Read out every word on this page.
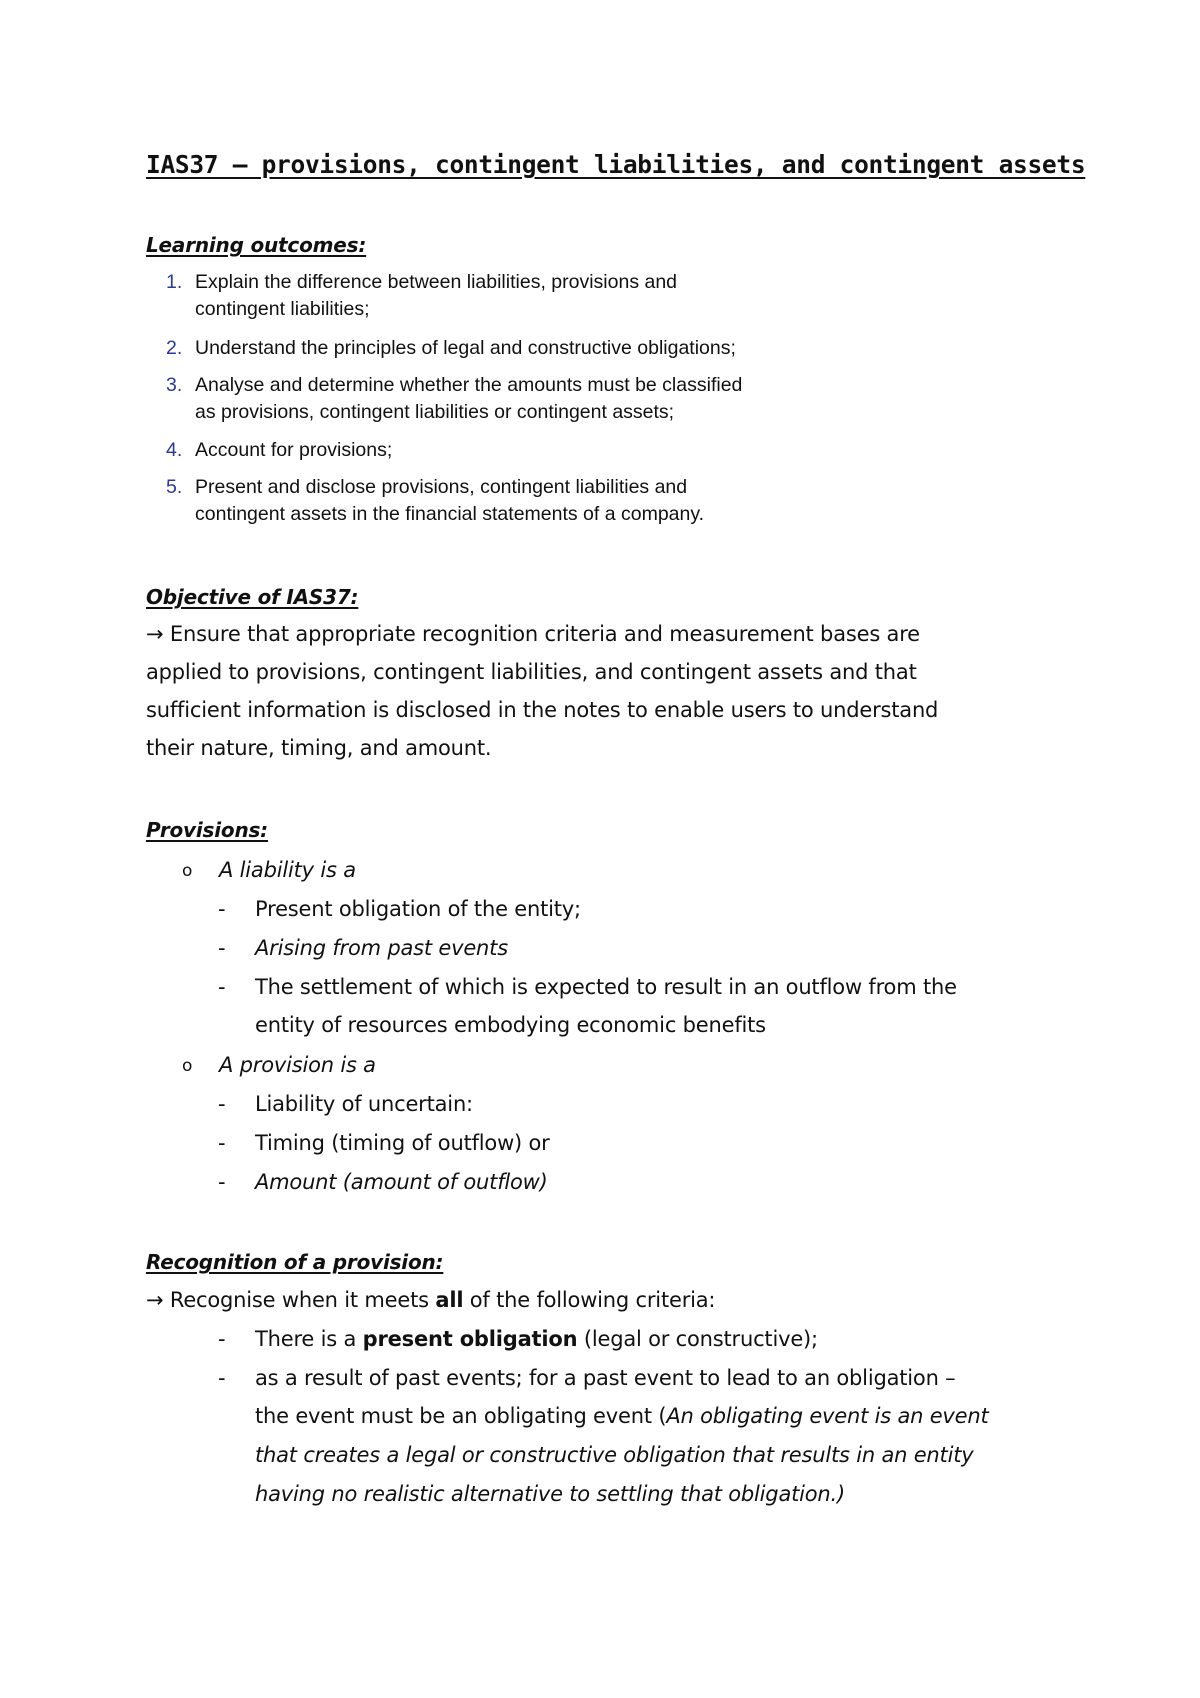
IAS37 – provisions, contingent liabilities, and contingent assets
Learning outcomes:
1. Explain the difference between liabilities, provisions and
contingent liabilities;
2. Understand the principles of legal and constructive obligations;
3. Analyse and determine whether the amounts must be classified
as provisions, contingent liabilities or contingent assets;
4. Account for provisions;
5. Present and disclose provisions, contingent liabilities and
contingent assets in the financial statements of a company.
Objective of IAS37:
→ Ensure that appropriate recognition criteria and measurement bases are
applied to provisions, contingent liabilities, and contingent assets and that
sufficient information is disclosed in the notes to enable users to understand
their nature, timing, and amount.
Provisions:
o A liability is a
- Present obligation of the entity;
- Arising from past events
- The settlement of which is expected to result in an outflow from the
entity of resources embodying economic benefits
o A provision is a
- Liability of uncertain:
- Timing (timing of outflow) or
- Amount (amount of outflow)
Recognition of a provision:
→ Recognise when it meets all of the following criteria:
- There is a present obligation (legal or constructive);
- as a result of past events; for a past event to lead to an obligation –
the event must be an obligating event (An obligating event is an event
that creates a legal or constructive obligation that results in an entity
having no realistic alternative to settling that obligation.)
